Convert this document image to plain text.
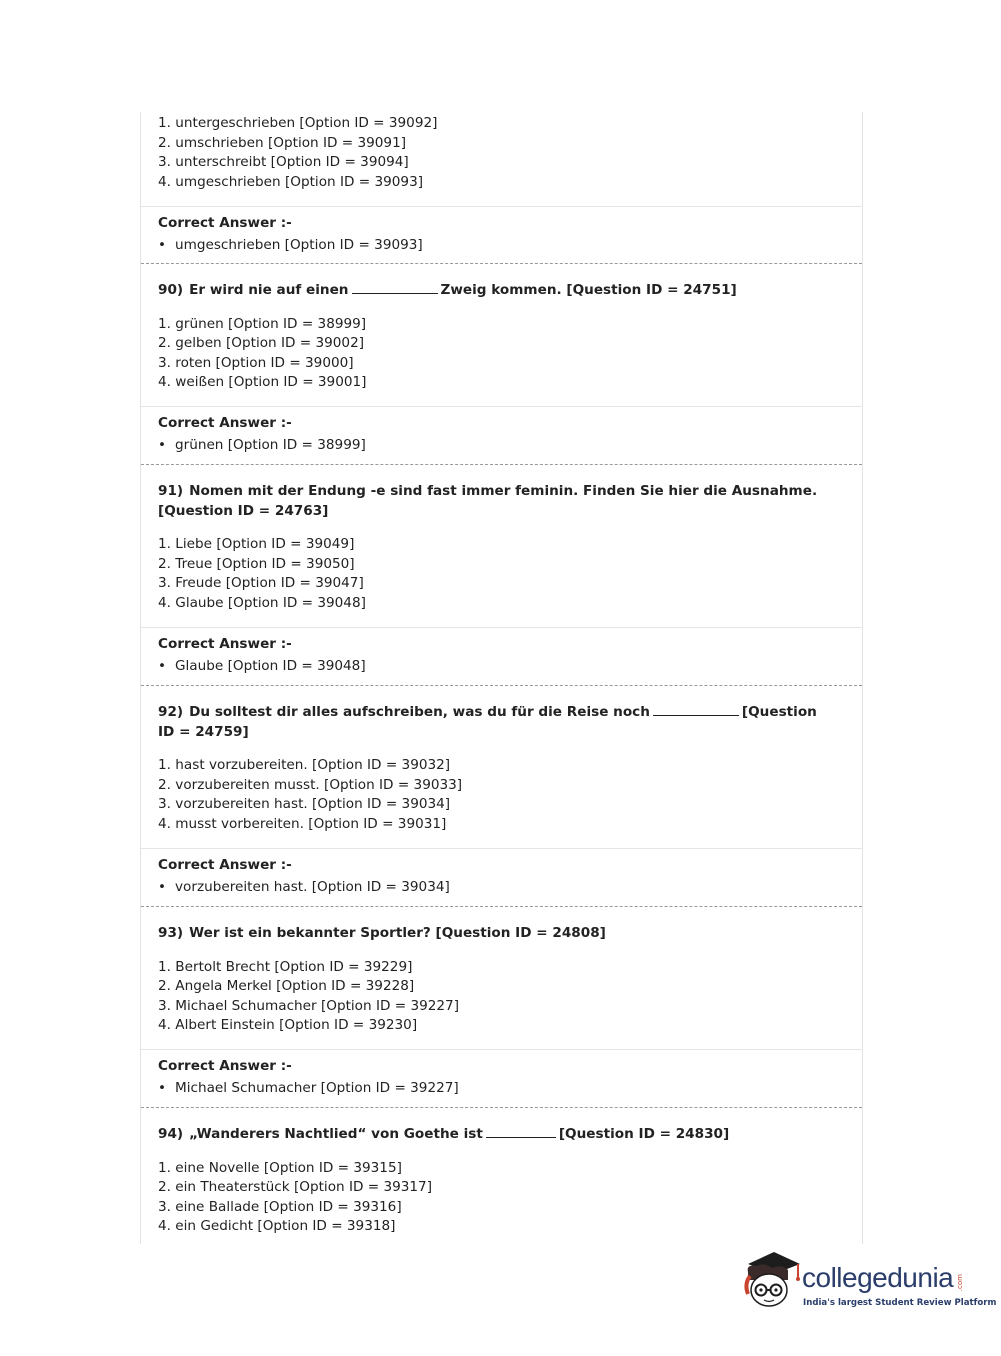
1. untergeschrieben [Option ID = 39092]
2. umschrieben [Option ID = 39091]
3. unterschreibt [Option ID = 39094]
4. umgeschrieben [Option ID = 39093]
Correct Answer :-
• umgeschrieben [Option ID = 39093]
90) Er wird nie auf einen	Zweig kommen. [Question ID = 24751]
1. grünen [Option ID = 38999]
2. gelben [Option ID = 39002]
3. roten [Option ID = 39000]
4. weißen [Option ID = 39001]
Correct Answer :-
• grünen [Option ID = 38999]
91) Nomen mit der Endung -e sind fast immer feminin. Finden Sie hier die Ausnahme. [Question ID = 24763]
1. Liebe [Option ID = 39049]
2. Treue [Option ID = 39050]
3. Freude [Option ID = 39047]
4. Glaube [Option ID = 39048]
Correct Answer :-
• Glaube [Option ID = 39048]
92) Du solltest dir alles aufschreiben, was du für die Reise noch	[Question ID = 24759]
1. hast vorzubereiten. [Option ID = 39032]
2. vorzubereiten musst. [Option ID = 39033]
3. vorzubereiten hast. [Option ID = 39034]
4. musst vorbereiten. [Option ID = 39031]
Correct Answer :-
• vorzubereiten hast. [Option ID = 39034]
93) Wer ist ein bekannter Sportler? [Question ID = 24808]
1. Bertolt Brecht [Option ID = 39229]
2. Angela Merkel [Option ID = 39228]
3. Michael Schumacher [Option ID = 39227]
4. Albert Einstein [Option ID = 39230]
Correct Answer :-
• Michael Schumacher [Option ID = 39227]
94) „Wanderers Nachtlied“ von Goethe ist	[Question ID = 24830]
1. eine Novelle [Option ID = 39315]
2. ein Theaterstück [Option ID = 39317]
3. eine Ballade [Option ID = 39316]
4. ein Gedicht [Option ID = 39318]
collegedunia .com
India's largest Student Review Platform
